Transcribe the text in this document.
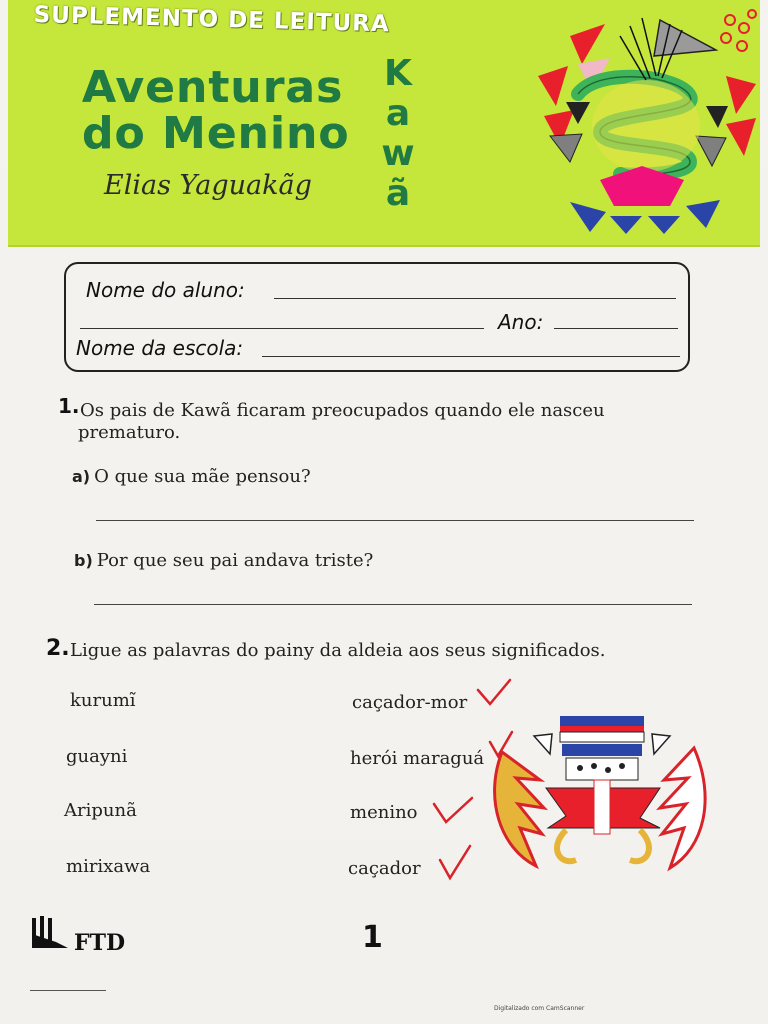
SUPLEMENTO DE LEITURA
Aventuras
do Menino
Elias Yaguakãg
K
a
w
ã
Nome do aluno:
Ano:
Nome da escola:
1. Os pais de Kawã ficaram preocupados quando ele nasceu
prematuro.
a) O que sua mãe pensou?
b) Por que seu pai andava triste?
2. Ligue as palavras do painy da aldeia aos seus significados.
kurumĩ
guayni
Aripunã
mirixawa
caçador-mor
herói maraguá
menino
caçador
FTD	1
Digitalizado com CamScanner
